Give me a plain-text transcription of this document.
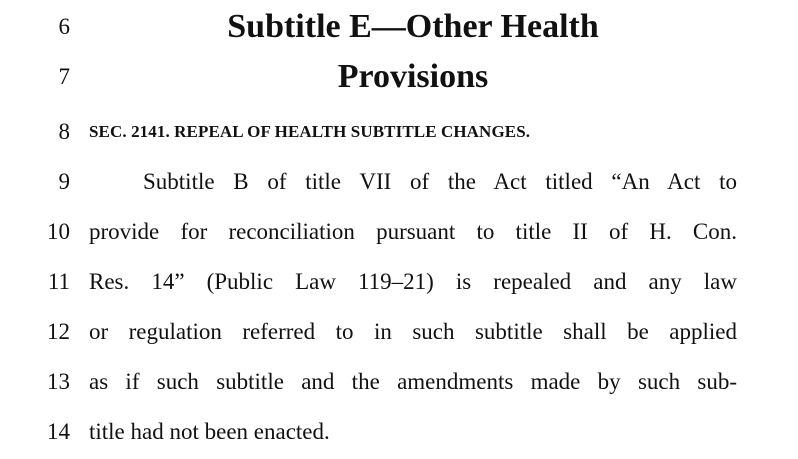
6	Subtitle E—Other Health
7	Provisions
8 SEC. 2141. REPEAL OF HEALTH SUBTITLE CHANGES.
9	Subtitle B of title VII of the Act titled “An Act to
10 provide for reconciliation pursuant to title II of H. Con.
11 Res. 14” (Public Law 119–21) is repealed and any law
12 or regulation referred to in such subtitle shall be applied
13 as if such subtitle and the amendments made by such sub-
14 title had not been enacted.
